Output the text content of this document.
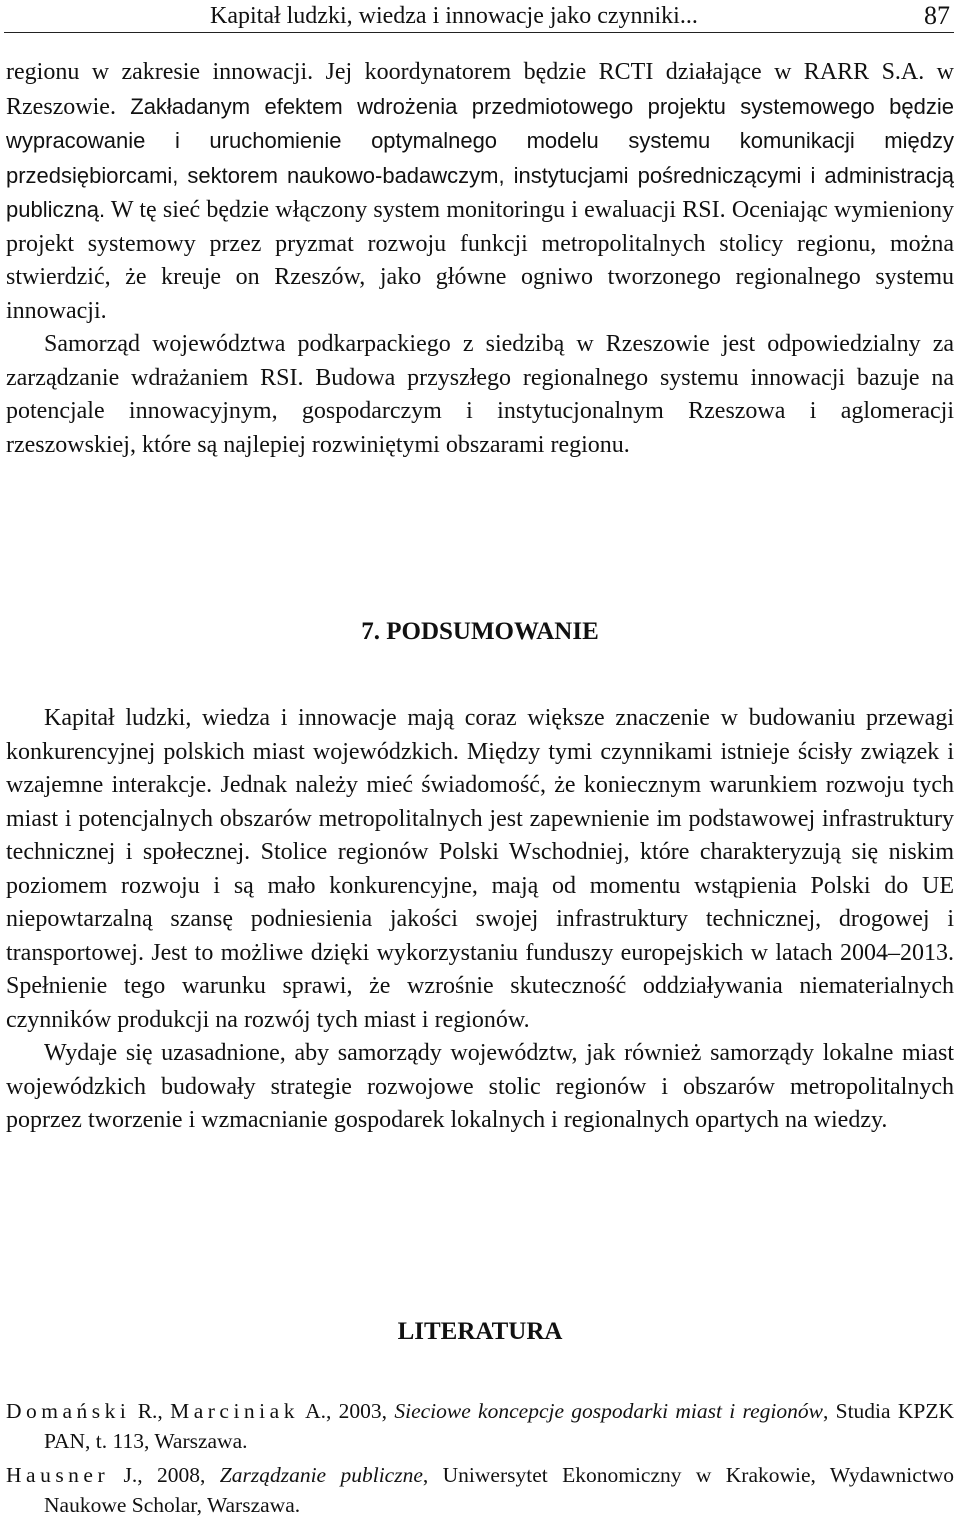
Kapitał ludzki, wiedza i innowacje jako czynniki...	87

regionu w zakresie innowacji. Jej koordynatorem będzie RCTI działające w RARR S.A. w Rzeszowie. Zakładanym efektem wdrożenia przedmiotowego projektu systemowego będzie wypracowanie i uruchomienie optymalnego modelu systemu komunikacji między przedsiębiorcami, sektorem naukowo-badawczym, instytucjami pośredniczącymi i administracją publiczną. W tę sieć będzie włączony system monitoringu i ewaluacji RSI. Oceniając wymieniony projekt systemowy przez pryzmat rozwoju funkcji metropolitalnych stolicy regionu, można stwierdzić, że kreuje on Rzeszów, jako główne ogniwo tworzonego regionalnego systemu innowacji.

Samorząd województwa podkarpackiego z siedzibą w Rzeszowie jest odpowiedzialny za zarządzanie wdrażaniem RSI. Budowa przyszłego regionalnego systemu innowacji bazuje na potencjale innowacyjnym, gospodarczym i instytucjonalnym Rzeszowa i aglomeracji rzeszowskiej, które są najlepiej rozwiniętymi obszarami regionu.

7. PODSUMOWANIE

Kapitał ludzki, wiedza i innowacje mają coraz większe znaczenie w budowaniu przewagi konkurencyjnej polskich miast wojewódzkich. Między tymi czynnikami istnieje ścisły związek i wzajemne interakcje. Jednak należy mieć świadomość, że koniecznym warunkiem rozwoju tych miast i potencjalnych obszarów metropolitalnych jest zapewnienie im podstawowej infrastruktury technicznej i społecznej. Stolice regionów Polski Wschodniej, które charakteryzują się niskim poziomem rozwoju i są mało konkurencyjne, mają od momentu wstąpienia Polski do UE niepowtarzalną szansę podniesienia jakości swojej infrastruktury technicznej, drogowej i transportowej. Jest to możliwe dzięki wykorzystaniu funduszy europejskich w latach 2004–2013. Spełnienie tego warunku sprawi, że wzrośnie skuteczność oddziaływania niematerialnych czynników produkcji na rozwój tych miast i regionów.

Wydaje się uzasadnione, aby samorządy województw, jak również samorządy lokalne miast wojewódzkich budowały strategie rozwojowe stolic regionów i obszarów metropolitalnych poprzez tworzenie i wzmacnianie gospodarek lokalnych i regionalnych opartych na wiedzy.

LITERATURA

Domański R., Marciniak A., 2003, Sieciowe koncepcje gospodarki miast i regionów, Studia KPZK PAN, t. 113, Warszawa.

Hausner J., 2008, Zarządzanie publiczne, Uniwersytet Ekonomiczny w Krakowie, Wydawnictwo Naukowe Scholar, Warszawa.
